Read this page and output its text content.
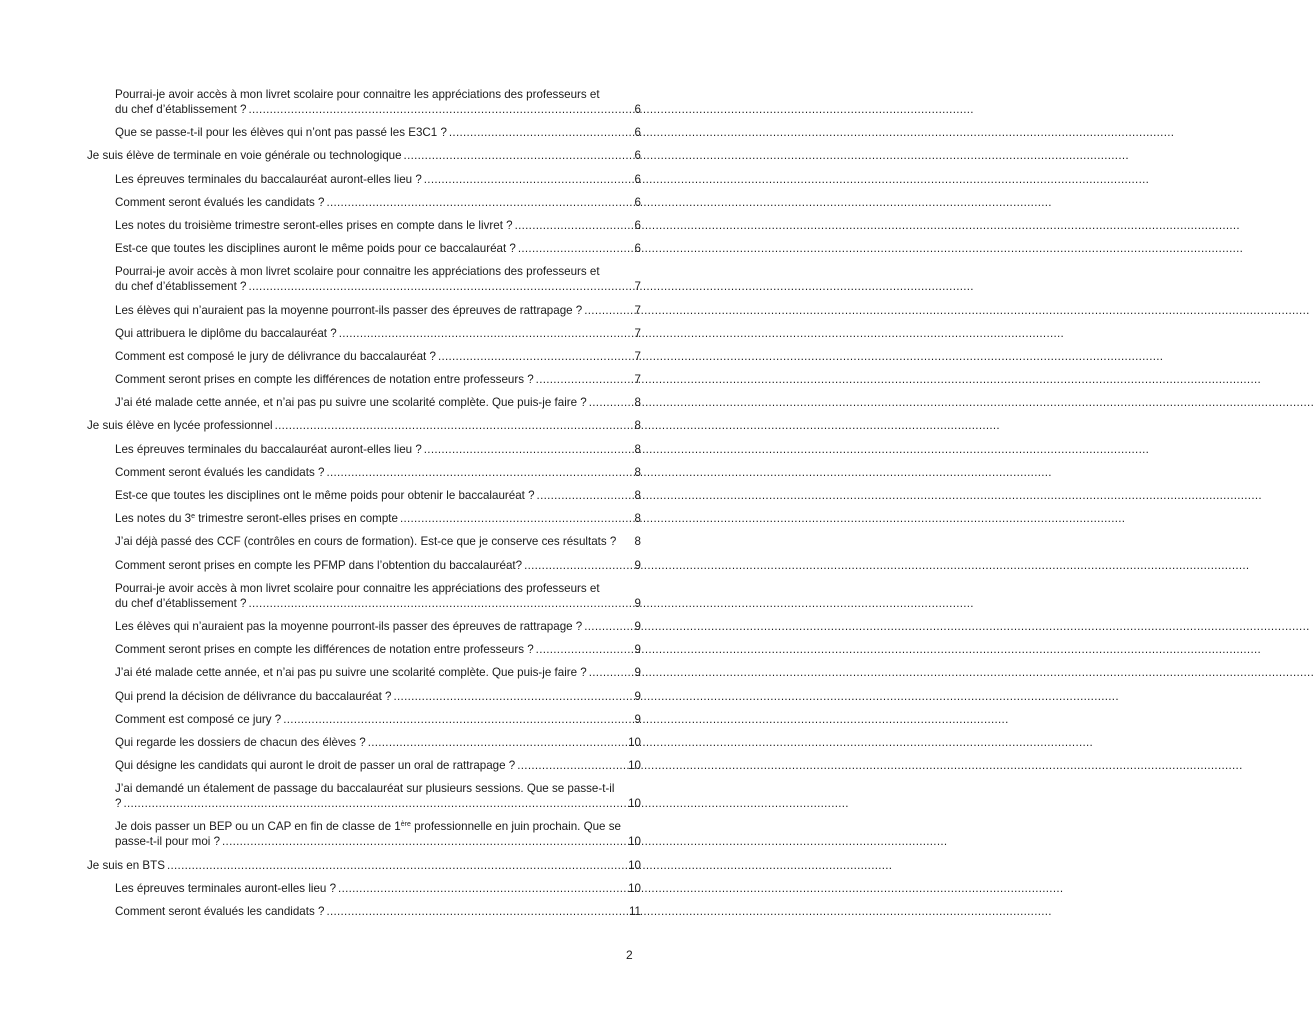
Pourrai-je avoir accès à mon livret scolaire pour connaitre les appréciations des professeurs et
du chef d’établissement ? .....	6
Que se passe-t-il pour les élèves qui n’ont pas passé les E3C1 ? .....	6
Je suis élève de terminale en voie générale ou technologique .....	6
Les épreuves terminales du baccalauréat auront-elles lieu ? .....	6
Comment seront évalués les candidats ? .....	6
Les notes du troisième trimestre seront-elles prises en compte dans le livret ? .....	6
Est-ce que toutes les disciplines auront le même poids pour ce baccalauréat ? .....	6
Pourrai-je avoir accès à mon livret scolaire pour connaitre les appréciations des professeurs et
du chef d’établissement ? .....	7
Les élèves qui n’auraient pas la moyenne pourront-ils passer des épreuves de rattrapage ? .....	7
Qui attribuera le diplôme du baccalauréat ? .....	7
Comment est composé le jury de délivrance du baccalauréat ? .....	7
Comment seront prises en compte les différences de notation entre professeurs ? .....	7
J’ai été malade cette année, et n’ai pas pu suivre une scolarité complète. Que puis-je faire ? .....	8
Je suis élève en lycée professionnel .....	8
Les épreuves terminales du baccalauréat auront-elles lieu ? .....	8
Comment seront évalués les candidats ? .....	8
Est-ce que toutes les disciplines ont le même poids pour obtenir le baccalauréat ? .....	8
Les notes du 3e trimestre seront-elles prises en compte .....	8
J’ai déjà passé des CCF (contrôles en cours de formation). Est-ce que je conserve ces résultats ? 8
Comment seront prises en compte les PFMP dans l’obtention du baccalauréat? .....	9
Pourrai-je avoir accès à mon livret scolaire pour connaitre les appréciations des professeurs et
du chef d’établissement ? .....	9
Les élèves qui n’auraient pas la moyenne pourront-ils passer des épreuves de rattrapage ? .....	9
Comment seront prises en compte les différences de notation entre professeurs ? .....	9
J’ai été malade cette année, et n’ai pas pu suivre une scolarité complète. Que puis-je faire ? .....	9
Qui prend la décision de délivrance du baccalauréat ? .....	9
Comment est composé ce jury ? .....	9
Qui regarde les dossiers de chacun des élèves ? .....	10
Qui désigne les candidats qui auront le droit de passer un oral de rattrapage ? .....	10
J’ai demandé un étalement de passage du baccalauréat sur plusieurs sessions. Que se passe-t-il
? .....	10
Je dois passer un BEP ou un CAP en fin de classe de 1ère professionnelle en juin prochain. Que se
passe-t-il pour moi ? .....	10
Je suis en BTS .....	10
Les épreuves terminales auront-elles lieu ? .....	10
Comment seront évalués les candidats ? .....	11
2
